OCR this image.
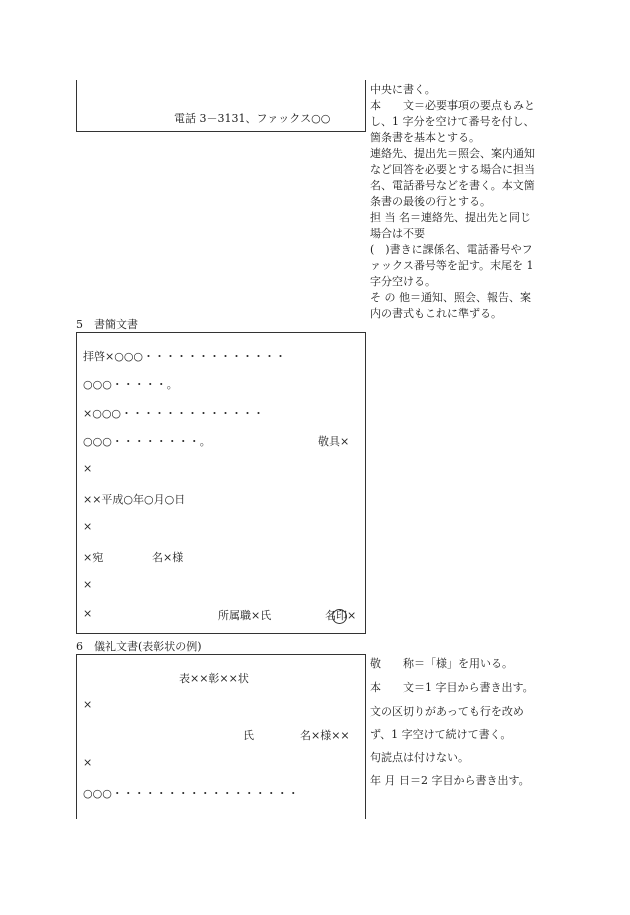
電話 3－3131、ファックス○○
中央に書く。
本　　文＝必要事項の要点もみと
し、1 字分を空けて番号を付し、
箇条書を基本とする。
連絡先、提出先＝照会、案内通知
など回答を必要とする場合に担当
名、電話番号などを書く。本文箇
条書の最後の行とする。
担 当 名＝連絡先、提出先と同じ
場合は不要
(　)書きに課係名、電話番号やフ
ァックス番号等を記す。末尾を 1
字分空ける。
そ の 他＝通知、照会、報告、案
内の書式もこれに準ずる。
5　書簡文書
拝啓×○○○・・・・・・・・・・・・・
○○○・・・・・。
×○○○・・・・・・・・・・・・・
○○○・・・・・・・・。	敬具×
×
××平成○年○月○日
×
×宛	名×様
×
×	所属職×氏	名印×
6　儀礼文書(表彰状の例)
表××彰××状
×
氏	名×様××
×
○○○・・・・・・・・・・・・・・・・・
敬　　称＝「様」を用いる。
本　　文＝1 字目から書き出す。
文の区切りがあっても行を改め
ず、1 字空けて続けて書く。
句読点は付けない。
年 月 日＝2 字目から書き出す。
